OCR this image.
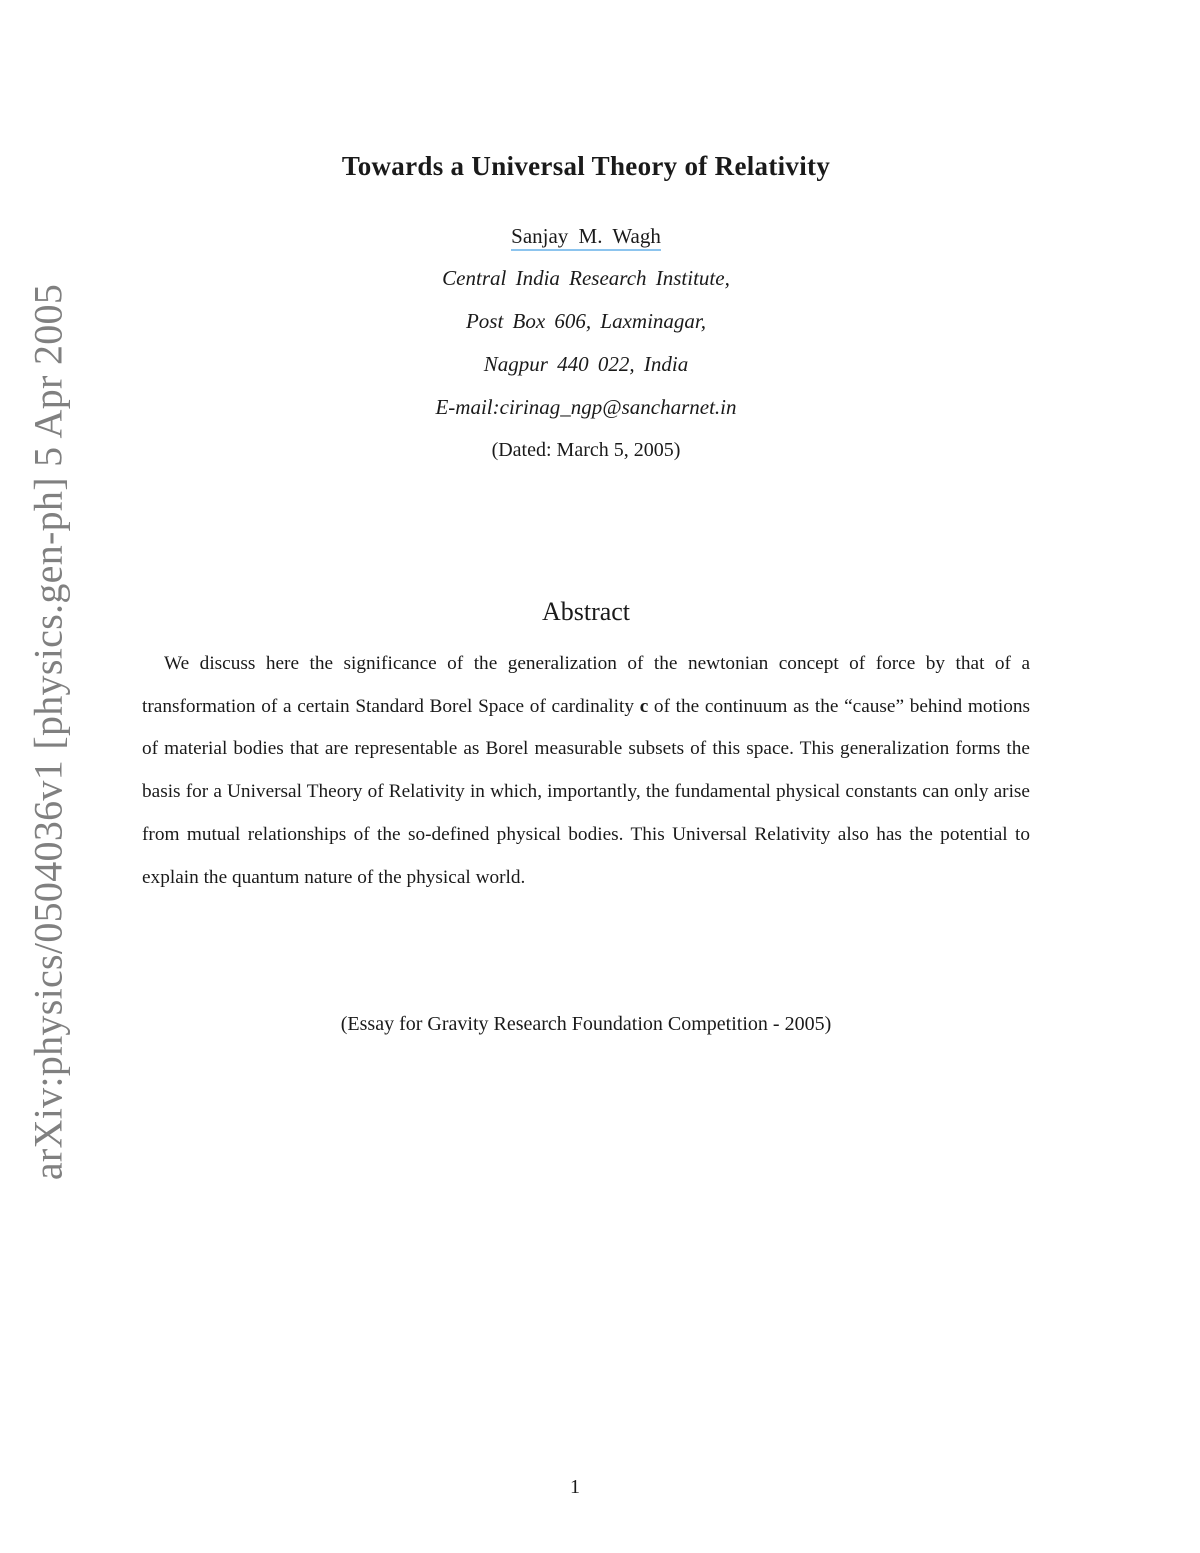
arXiv:physics/0504036v1 [physics.gen-ph] 5 Apr 2005
Towards a Universal Theory of Relativity
Sanjay M. Wagh
Central India Research Institute,
Post Box 606, Laxminagar,
Nagpur 440 022, India
E-mail:cirinag_ngp@sancharnet.in
(Dated: March 5, 2005)
Abstract
We discuss here the significance of the generalization of the newtonian concept of force by that of a transformation of a certain Standard Borel Space of cardinality c of the continuum as the “cause” behind motions of material bodies that are representable as Borel measurable subsets of this space. This generalization forms the basis for a Universal Theory of Relativity in which, importantly, the fundamental physical constants can only arise from mutual relationships of the so-defined physical bodies. This Universal Relativity also has the potential to explain the quantum nature of the physical world.
(Essay for Gravity Research Foundation Competition - 2005)
1
